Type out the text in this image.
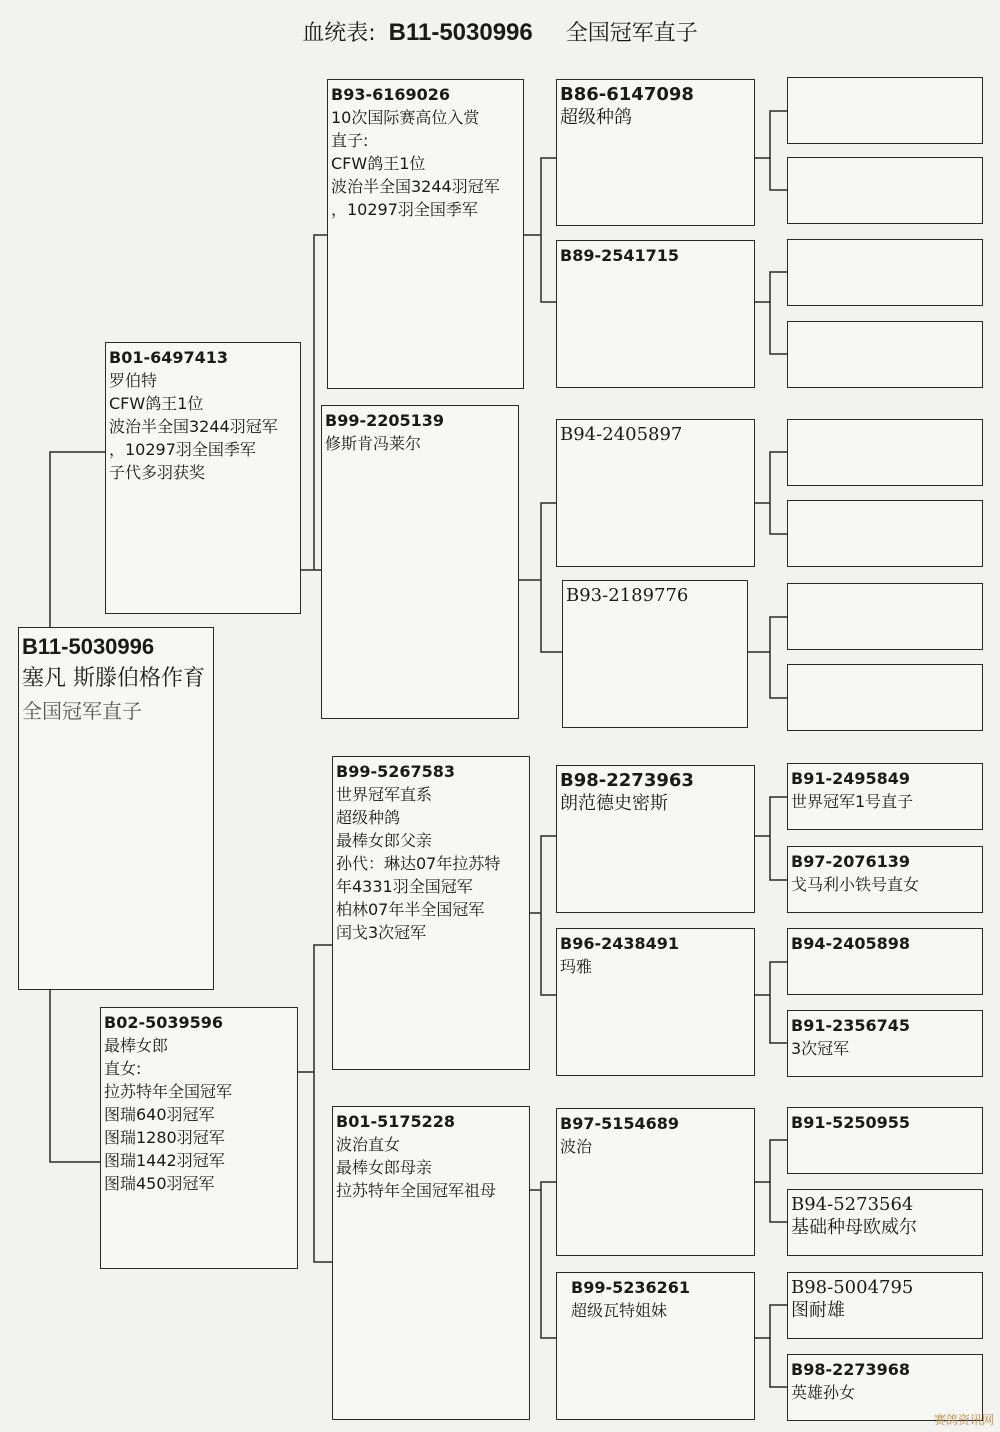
血统表: B11-5030996 全国冠军直子
B11-5030996
塞凡 斯滕伯格作育
全国冠军直子
B01-6497413
罗伯特
CFW鸽王1位
波治半全国3244羽冠军
，10297羽全国季军
子代多羽获奖
B02-5039596
最棒女郎
直女:
拉苏特年全国冠军
图瑞640羽冠军
图瑞1280羽冠军
图瑞1442羽冠军
图瑞450羽冠军
B93-6169026
10次国际赛高位入赏
直子:
CFW鸽王1位
波治半全国3244羽冠军
，10297羽全国季军
B99-2205139
修斯肯冯莱尔
B99-5267583
世界冠军直系
超级种鸽
最棒女郎父亲
孙代：琳达07年拉苏特
年4331羽全国冠军
柏林07年半全国冠军
闰戈3次冠军
B01-5175228
波治直女
最棒女郎母亲
拉苏特年全国冠军祖母
B86-6147098
超级种鸽
B89-2541715
B94-2405897
B93-2189776
B98-2273963
朗范德史密斯
B96-2438491
玛雅
B97-5154689
波治
B99-5236261
超级瓦特姐妹
B91-2495849
世界冠军1号直子
B97-2076139
戈马利小铁号直女
B94-2405898
B91-2356745
3次冠军
B91-5250955
B94-5273564
基础种母欧威尔
B98-5004795
图耐雄
B98-2273968
英雄孙女
赛鸽资讯网
